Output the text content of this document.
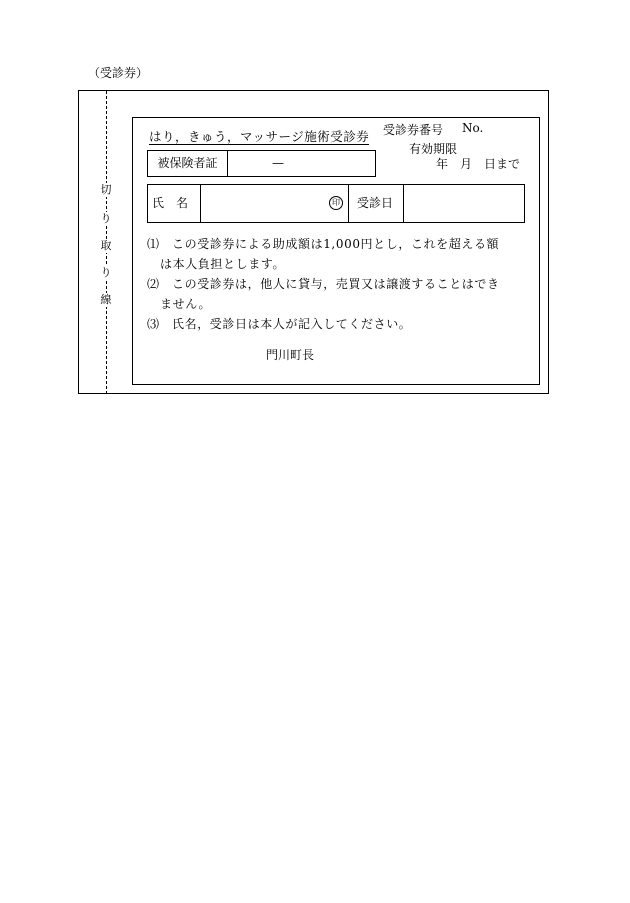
（受診券）
切
り
取
り
線
はり，きゅう，マッサージ施術受診券 受診券番号 No.
有効期限
年　月　日まで
被保険者証	—
氏　名	印 受診日
⑴ この受診券による助成額は1,000円とし，これを超える額
は本人負担とします。
⑵ この受診券は，他人に貸与，売買又は譲渡することはでき
ません。
⑶ 氏名，受診日は本人が記入してください。
門川町長
